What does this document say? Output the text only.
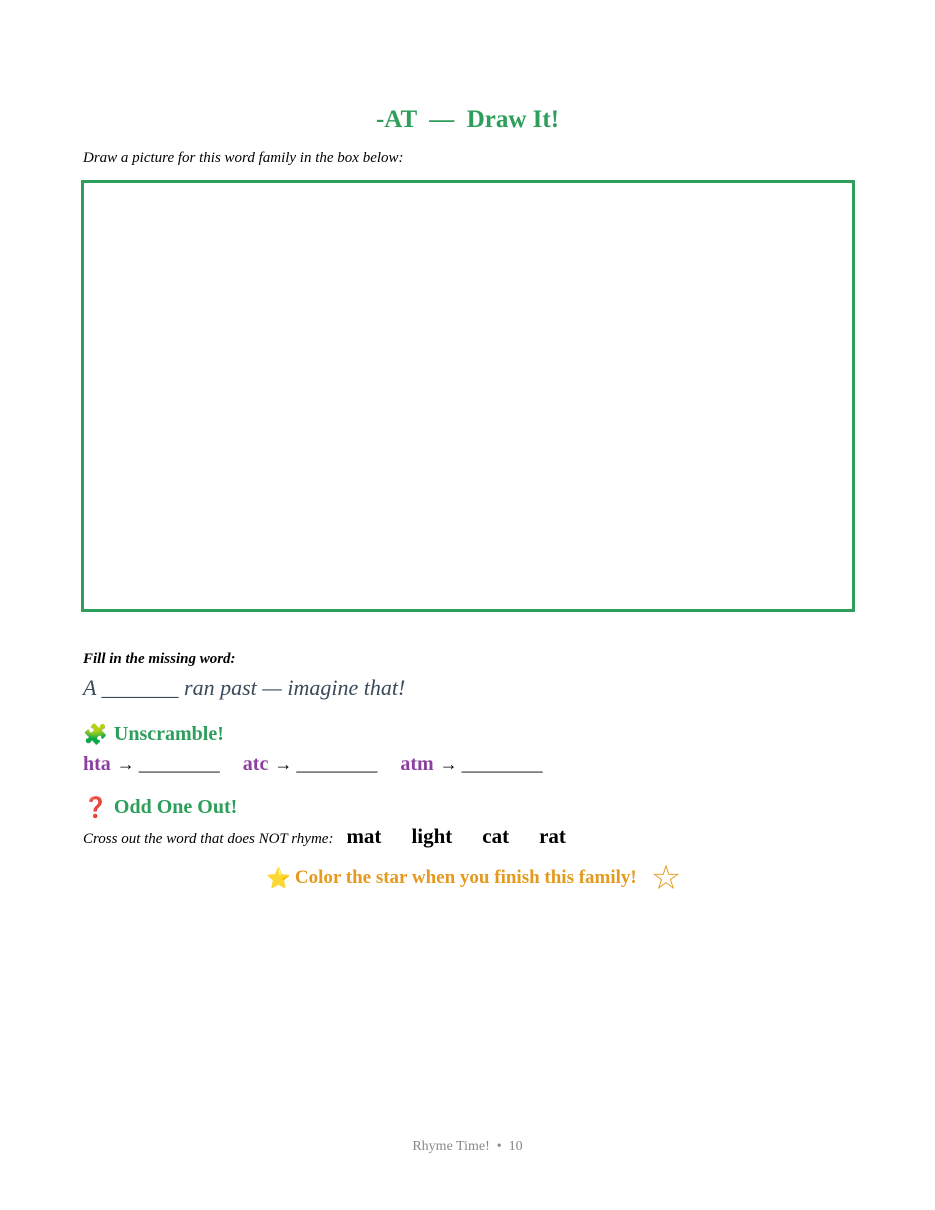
-AT  —  Draw It!
Draw a picture for this word family in the box below:
Fill in the missing word:
A _______ ran past — imagine that!
🧩 Unscramble!
hta → _________ atc → _________ atm → _________
❓ Odd One Out!
Cross out the word that does NOT rhyme: mat light cat rat
⭐ Color the star when you finish this family! ☆
Rhyme Time!  •  10
